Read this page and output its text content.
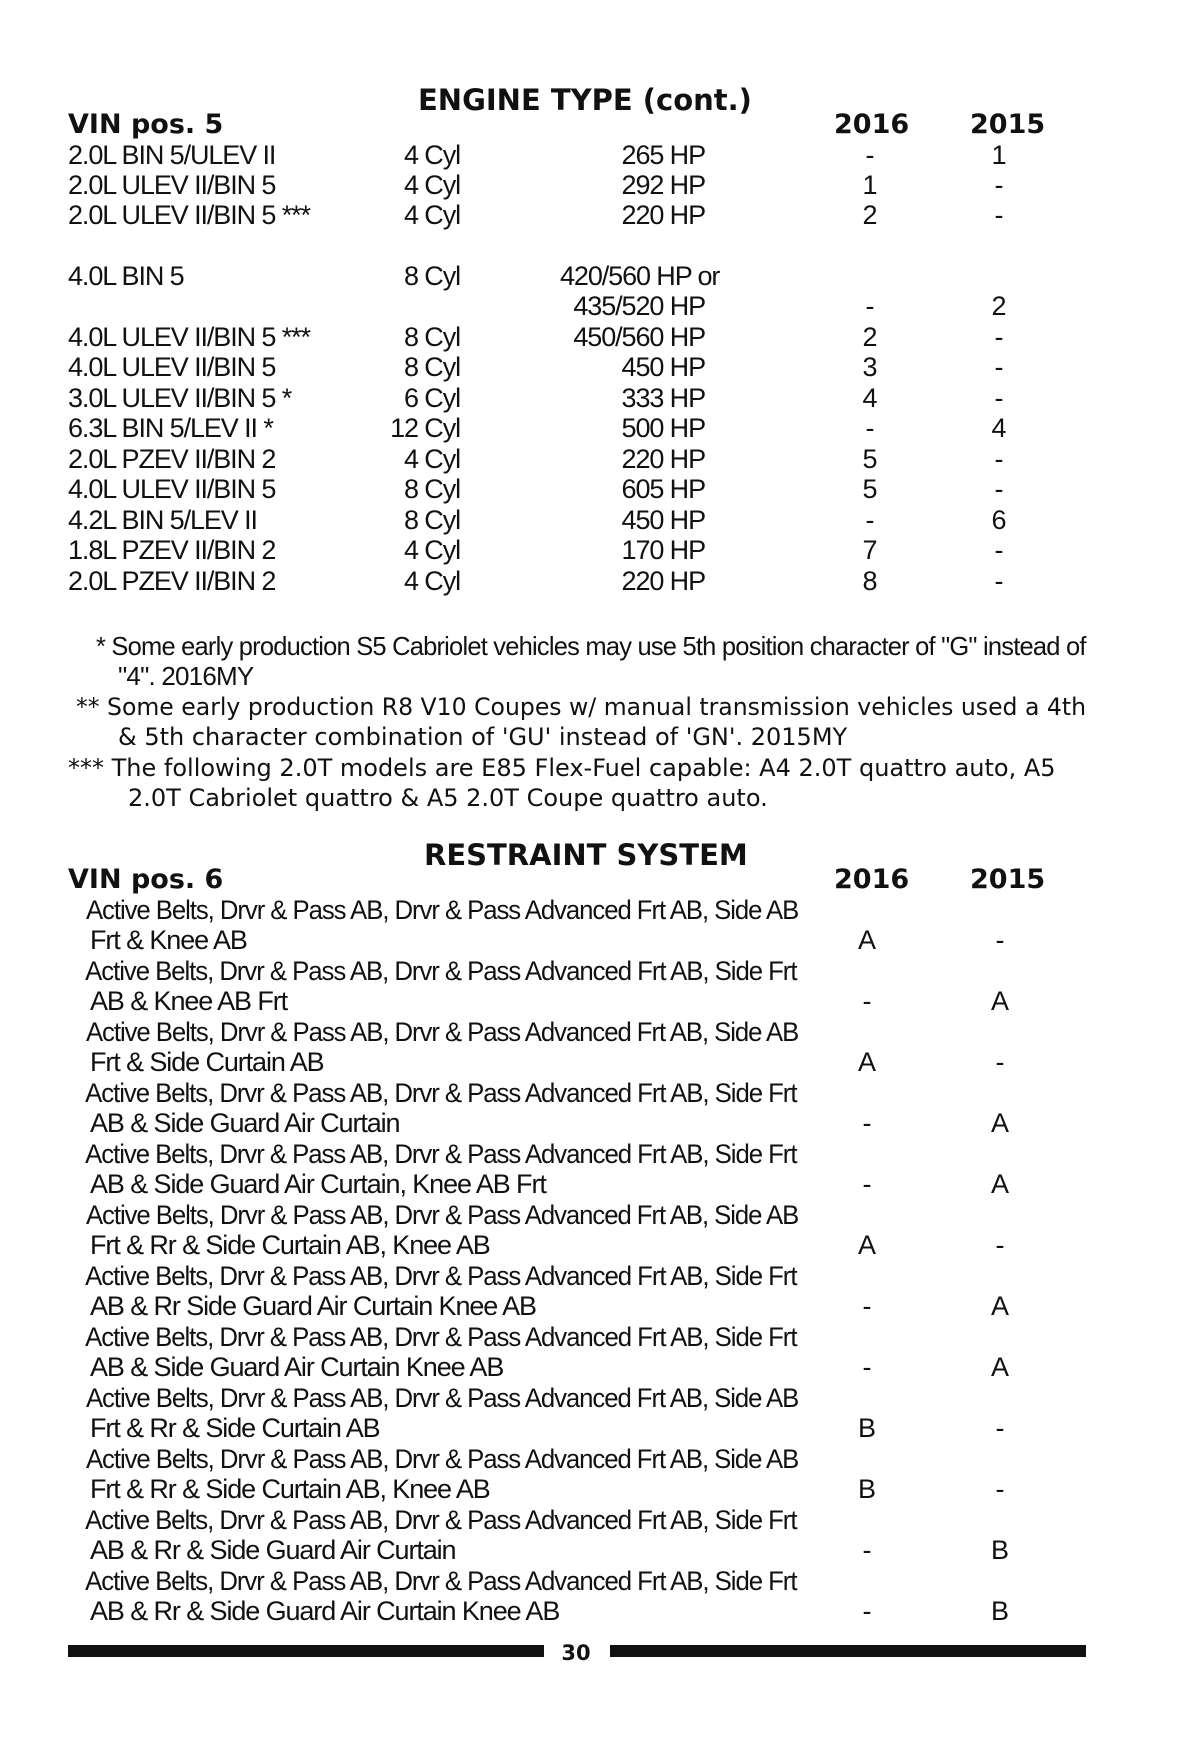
ENGINE TYPE (cont.)
VIN pos. 5	2016 2015
2.0L BIN 5/ULEV II	4 Cyl	265 HP	-	1
2.0L ULEV II/BIN 5	4 Cyl	292 HP	1	-
2.0L ULEV II/BIN 5 ***	4 Cyl	220 HP	2	-
4.0L BIN 5	8 Cyl	420/560 HP or
435/520 HP	-	2
4.0L ULEV II/BIN 5 ***	8 Cyl	450/560 HP	2	-
4.0L ULEV II/BIN 5	8 Cyl	450 HP	3	-
3.0L ULEV II/BIN 5 *	6 Cyl	333 HP	4	-
6.3L BIN 5/LEV II *	12 Cyl	500 HP	-	4
2.0L PZEV II/BIN 2	4 Cyl	220 HP	5	-
4.0L ULEV II/BIN 5	8 Cyl	605 HP	5	-
4.2L BIN 5/LEV II	8 Cyl	450 HP	-	6
1.8L PZEV II/BIN 2	4 Cyl	170 HP	7	-
2.0L PZEV II/BIN 2	4 Cyl	220 HP	8	-
* Some early production S5 Cabriolet vehicles may use 5th position character of "G" instead of
"4". 2016MY
** Some early production R8 V10 Coupes w/ manual transmission vehicles used a 4th
& 5th character combination of 'GU' instead of 'GN'. 2015MY
*** The following 2.0T models are E85 Flex-Fuel capable: A4 2.0T quattro auto, A5
2.0T Cabriolet quattro & A5 2.0T Coupe quattro auto.
RESTRAINT SYSTEM
VIN pos. 6	2016 2015
Active Belts, Drvr & Pass AB, Drvr & Pass Advanced Frt AB, Side AB
Frt & Knee AB	A	-
Active Belts, Drvr & Pass AB, Drvr & Pass Advanced Frt AB, Side Frt
AB & Knee AB Frt	-	A
Active Belts, Drvr & Pass AB, Drvr & Pass Advanced Frt AB, Side AB
Frt & Side Curtain AB	A	-
Active Belts, Drvr & Pass AB, Drvr & Pass Advanced Frt AB, Side Frt
AB & Side Guard Air Curtain	-	A
Active Belts, Drvr & Pass AB, Drvr & Pass Advanced Frt AB, Side Frt
AB & Side Guard Air Curtain, Knee AB Frt	-	A
Active Belts, Drvr & Pass AB, Drvr & Pass Advanced Frt AB, Side AB
Frt & Rr & Side Curtain AB, Knee AB	A	-
Active Belts, Drvr & Pass AB, Drvr & Pass Advanced Frt AB, Side Frt
AB & Rr Side Guard Air Curtain Knee AB	-	A
Active Belts, Drvr & Pass AB, Drvr & Pass Advanced Frt AB, Side Frt
AB & Side Guard Air Curtain Knee AB	-	A
Active Belts, Drvr & Pass AB, Drvr & Pass Advanced Frt AB, Side AB
Frt & Rr & Side Curtain AB	B	-
Active Belts, Drvr & Pass AB, Drvr & Pass Advanced Frt AB, Side AB
Frt & Rr & Side Curtain AB, Knee AB	B	-
Active Belts, Drvr & Pass AB, Drvr & Pass Advanced Frt AB, Side Frt
AB & Rr & Side Guard Air Curtain	-	B
Active Belts, Drvr & Pass AB, Drvr & Pass Advanced Frt AB, Side Frt
AB & Rr & Side Guard Air Curtain Knee AB	-	B
30
